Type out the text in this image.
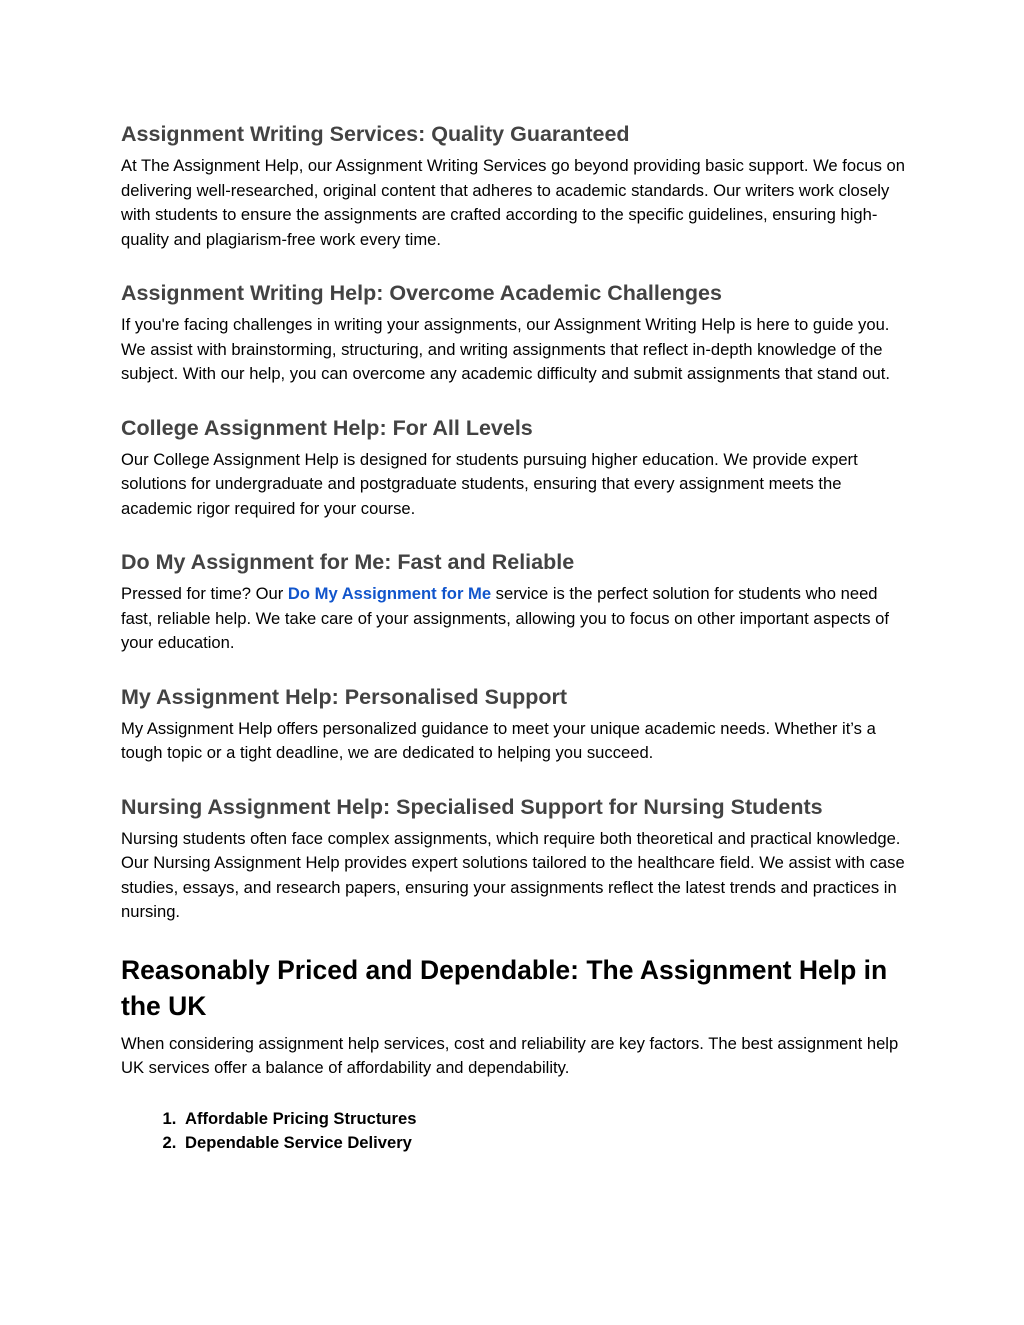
Assignment Writing Services: Quality Guaranteed

At The Assignment Help, our Assignment Writing Services go beyond providing basic support. We focus on delivering well-researched, original content that adheres to academic standards. Our writers work closely with students to ensure the assignments are crafted according to the specific guidelines, ensuring high-quality and plagiarism-free work every time.

Assignment Writing Help: Overcome Academic Challenges

If you're facing challenges in writing your assignments, our Assignment Writing Help is here to guide you. We assist with brainstorming, structuring, and writing assignments that reflect in-depth knowledge of the subject. With our help, you can overcome any academic difficulty and submit assignments that stand out.

College Assignment Help: For All Levels

Our College Assignment Help is designed for students pursuing higher education. We provide expert solutions for undergraduate and postgraduate students, ensuring that every assignment meets the academic rigor required for your course.

Do My Assignment for Me: Fast and Reliable

Pressed for time? Our Do My Assignment for Me service is the perfect solution for students who need fast, reliable help. We take care of your assignments, allowing you to focus on other important aspects of your education.

My Assignment Help: Personalised Support

My Assignment Help offers personalized guidance to meet your unique academic needs. Whether it’s a tough topic or a tight deadline, we are dedicated to helping you succeed.

Nursing Assignment Help: Specialised Support for Nursing Students

Nursing students often face complex assignments, which require both theoretical and practical knowledge. Our Nursing Assignment Help provides expert solutions tailored to the healthcare field. We assist with case studies, essays, and research papers, ensuring your assignments reflect the latest trends and practices in nursing.

Reasonably Priced and Dependable: The Assignment Help in the UK

When considering assignment help services, cost and reliability are key factors. The best assignment help UK services offer a balance of affordability and dependability.

1. Affordable Pricing Structures
2. Dependable Service Delivery
